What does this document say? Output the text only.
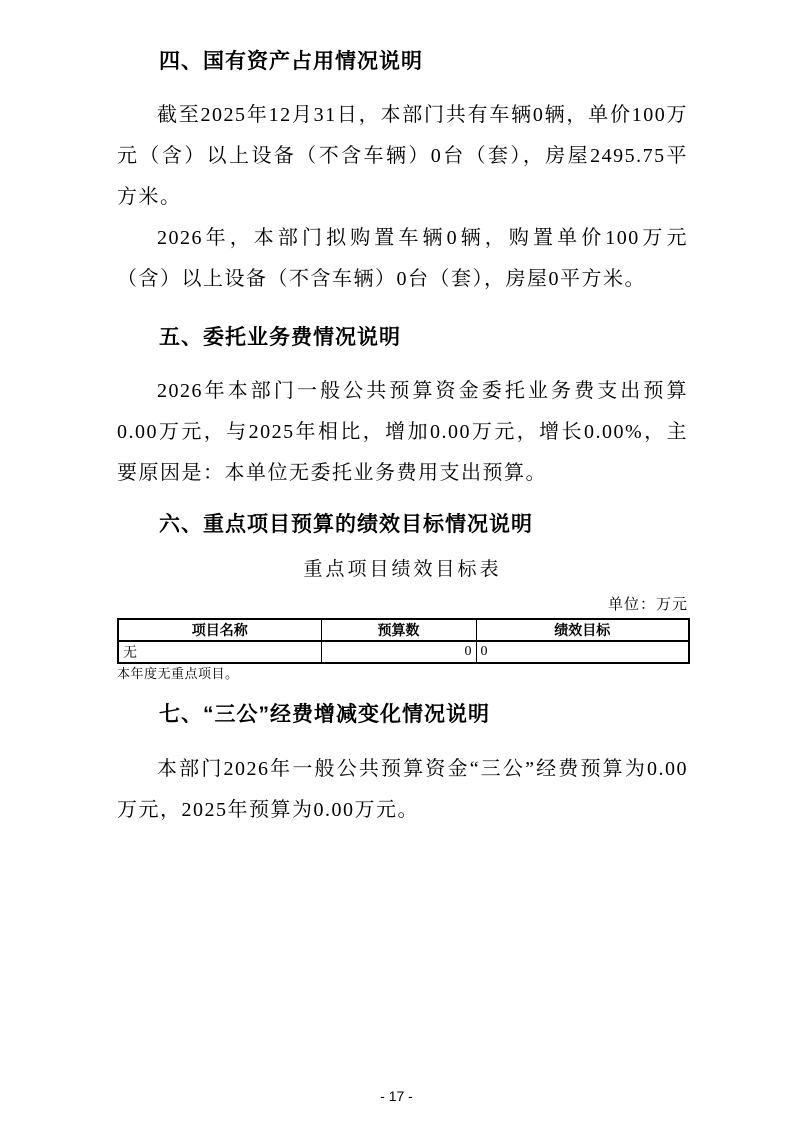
四、国有资产占用情况说明

截至2025年12月31日，本部门共有车辆0辆，单价100万元（含）以上设备（不含车辆）0台（套），房屋2495.75平方米。

2026年，本部门拟购置车辆0辆，购置单价100万元（含）以上设备（不含车辆）0台（套），房屋0平方米。

五、委托业务费情况说明

2026年本部门一般公共预算资金委托业务费支出预算0.00万元，与2025年相比，增加0.00万元，增长0.00%，主要原因是：本单位无委托业务费用支出预算。

六、重点项目预算的绩效目标情况说明
重点项目绩效目标表
单位：万元
项目名称	预算数	绩效目标
无	0	0
本年度无重点项目。
七、“三公”经费增减变化情况说明

本部门2026年一般公共预算资金“三公”经费预算为0.00万元，2025年预算为0.00万元。

- 17 -
